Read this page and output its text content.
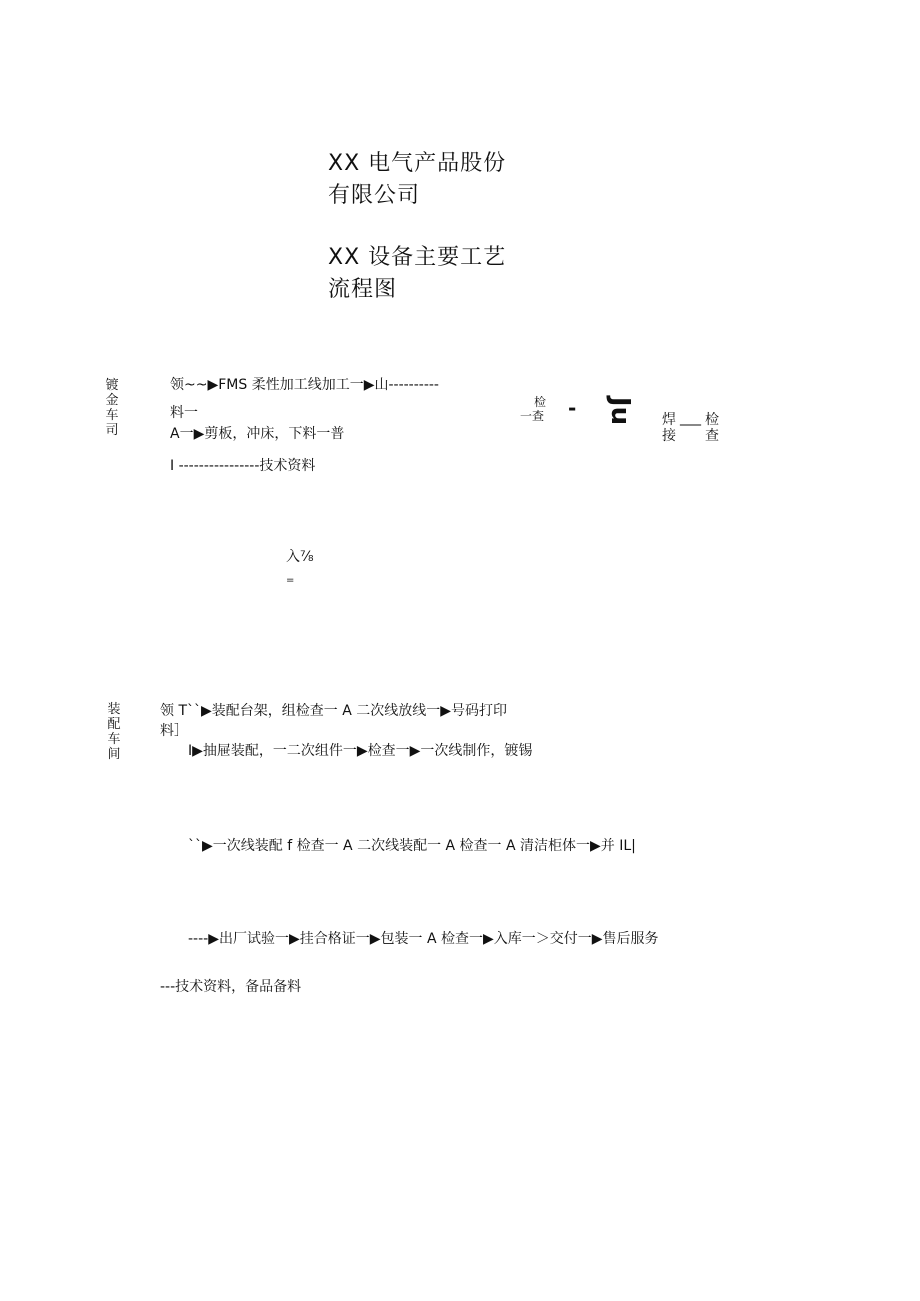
XX 电气产品股份
有限公司
XX 设备主要工艺
流程图
镀金车司
领~~▶FMS 柔性加工线加工一▶山----------
料一
A一▶剪板，冲床，下料一普
I ----------------技术资料
检
一查 - Ju 焊
接
___ 检
查
入⅞
=
装配车间
领 T``▶装配台架，组检查一 A 二次线放线一▶号码打印
料］
I▶抽屉装配，一二次组件一▶检查一▶一次线制作，镀锡
``▶一次线装配 f 检查一 A 二次线装配一 A 检查一 A 清洁柜体一▶并 IL|
----▶出厂试验一▶挂合格证一▶包装一 A 检查一▶入库一＞交付一▶售后服务
---技术资料，备品备料
